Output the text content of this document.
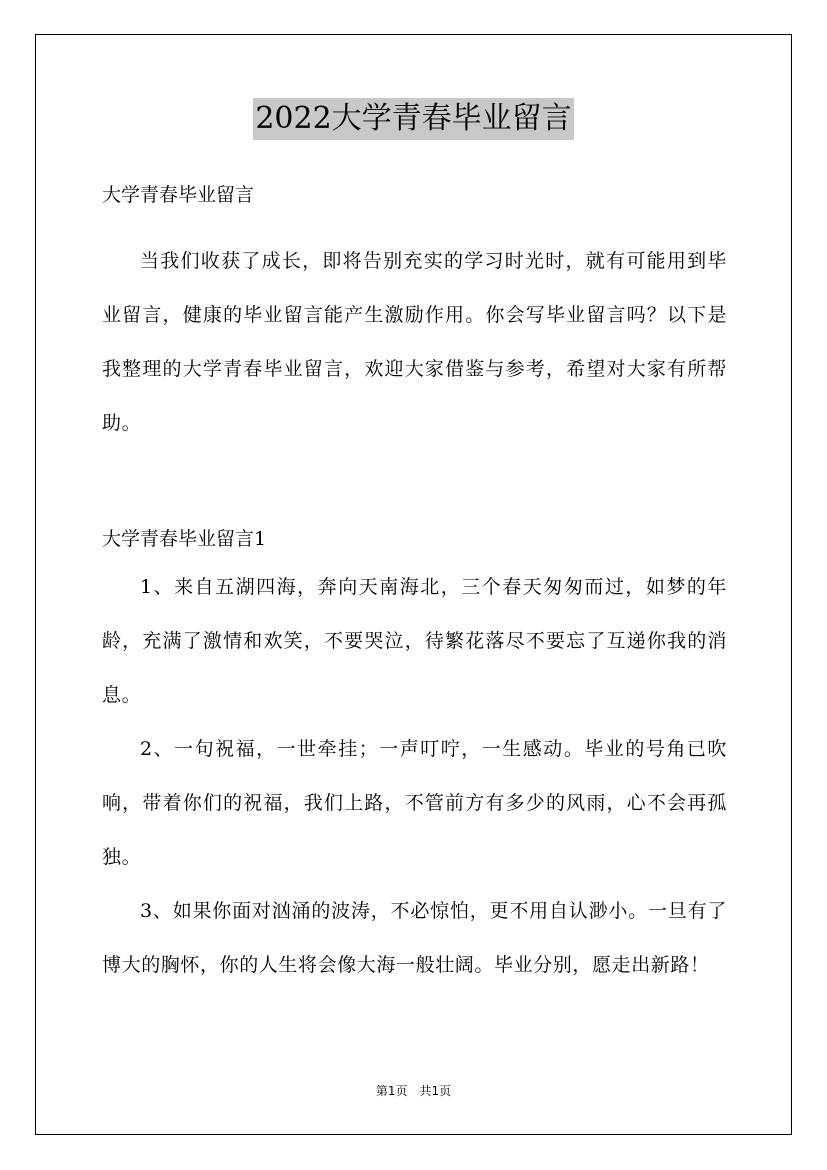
2022大学青春毕业留言

大学青春毕业留言

当我们收获了成长，即将告别充实的学习时光时，就有可能用到毕业留言，健康的毕业留言能产生激励作用。你会写毕业留言吗？以下是我整理的大学青春毕业留言，欢迎大家借鉴与参考，希望对大家有所帮助。

大学青春毕业留言1

1、来自五湖四海，奔向天南海北，三个春天匆匆而过，如梦的年龄，充满了激情和欢笑，不要哭泣，待繁花落尽不要忘了互递你我的消息。

2、一句祝福，一世牵挂；一声叮咛，一生感动。毕业的号角已吹响，带着你们的祝福，我们上路，不管前方有多少的风雨，心不会再孤独。

3、如果你面对汹涌的波涛，不必惊怕，更不用自认渺小。一旦有了博大的胸怀，你的人生将会像大海一般壮阔。毕业分别，愿走出新路！

第1页　共1页
